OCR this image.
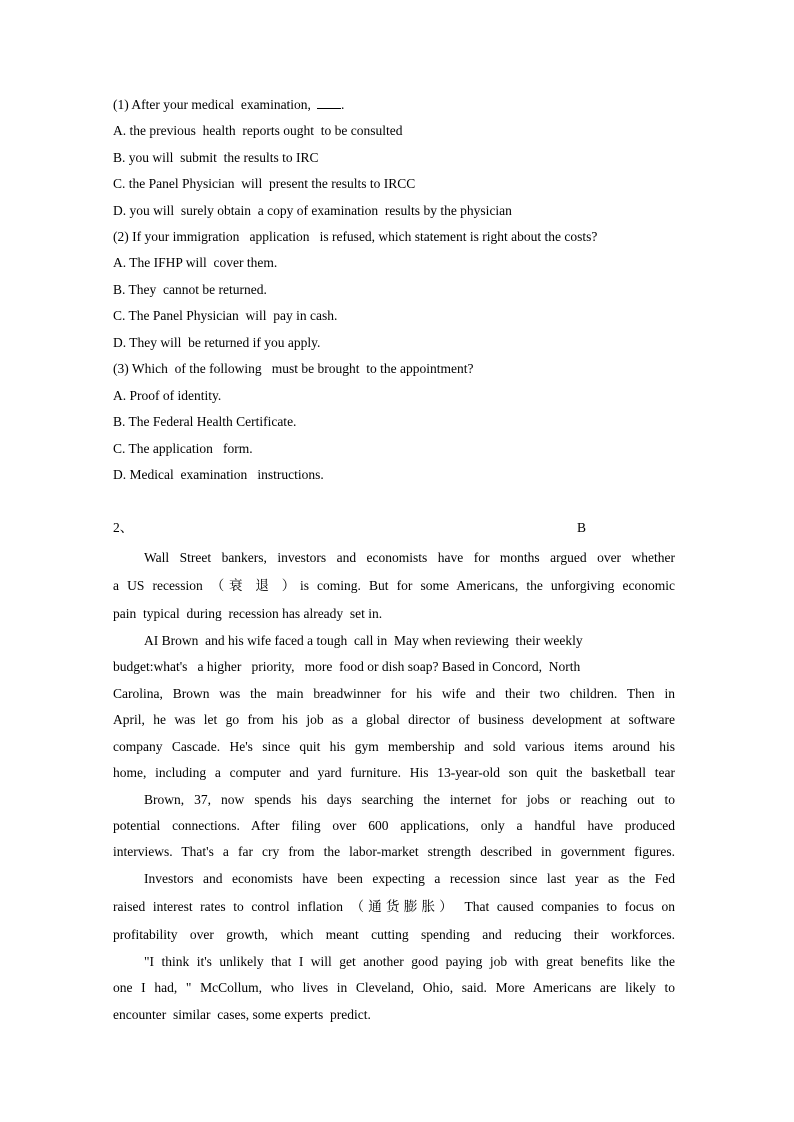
(1) After your medical  examination, .
A. the previous  health  reports ought  to be consulted
B. you will  submit  the results to IRC
C. the Panel Physician  will  present the results to IRCC
D. you will  surely obtain  a copy of examination  results by the physician
(2) If your immigration   application   is refused, which statement is right about the costs?
A. The IFHP will  cover them.
B. They  cannot be returned.
C. The Panel Physician  will  pay in cash.
D. They will  be returned if you apply.
(3) Which  of the following   must be brought  to the appointment?
A. Proof of identity.
B. The Federal Health Certificate.
C. The application   form.
D. Medical  examination   instructions.
2、	B
Wall Street bankers, investors and economists have for months argued over whether
a US recession （衰 退 ）is coming. But for some Americans, the unforgiving economic
pain  typical  during  recession has already  set in.
AI Brown  and his wife faced a tough  call in  May when reviewing  their weekly
budget:what's   a higher   priority,   more  food or dish soap? Based in Concord,  North
Carolina, Brown was the main breadwinner for his wife and their two children. Then in
April, he was let go from his job as a global director of business development at software
company Cascade. He's since quit his gym membership and sold various items around his
home, including a computer and yard furniture. His 13-year-old son quit the basketball tear
Brown, 37, now spends his days searching the internet for jobs or reaching out to
potential connections. After filing over 600 applications, only a handful have produced
interviews. That's a far cry from the labor-market strength described in government figures.
Investors and economists have been expecting a recession since last year as the Fed
raised interest rates to control inflation （通货膨胀） That caused companies to focus on
profitability over growth, which meant cutting spending and reducing their workforces.
"I think it's unlikely that I will get another good paying job with great benefits like the
one I had, " McCollum, who lives in Cleveland, Ohio, said. More Americans are likely to
encounter  similar  cases, some experts  predict.
